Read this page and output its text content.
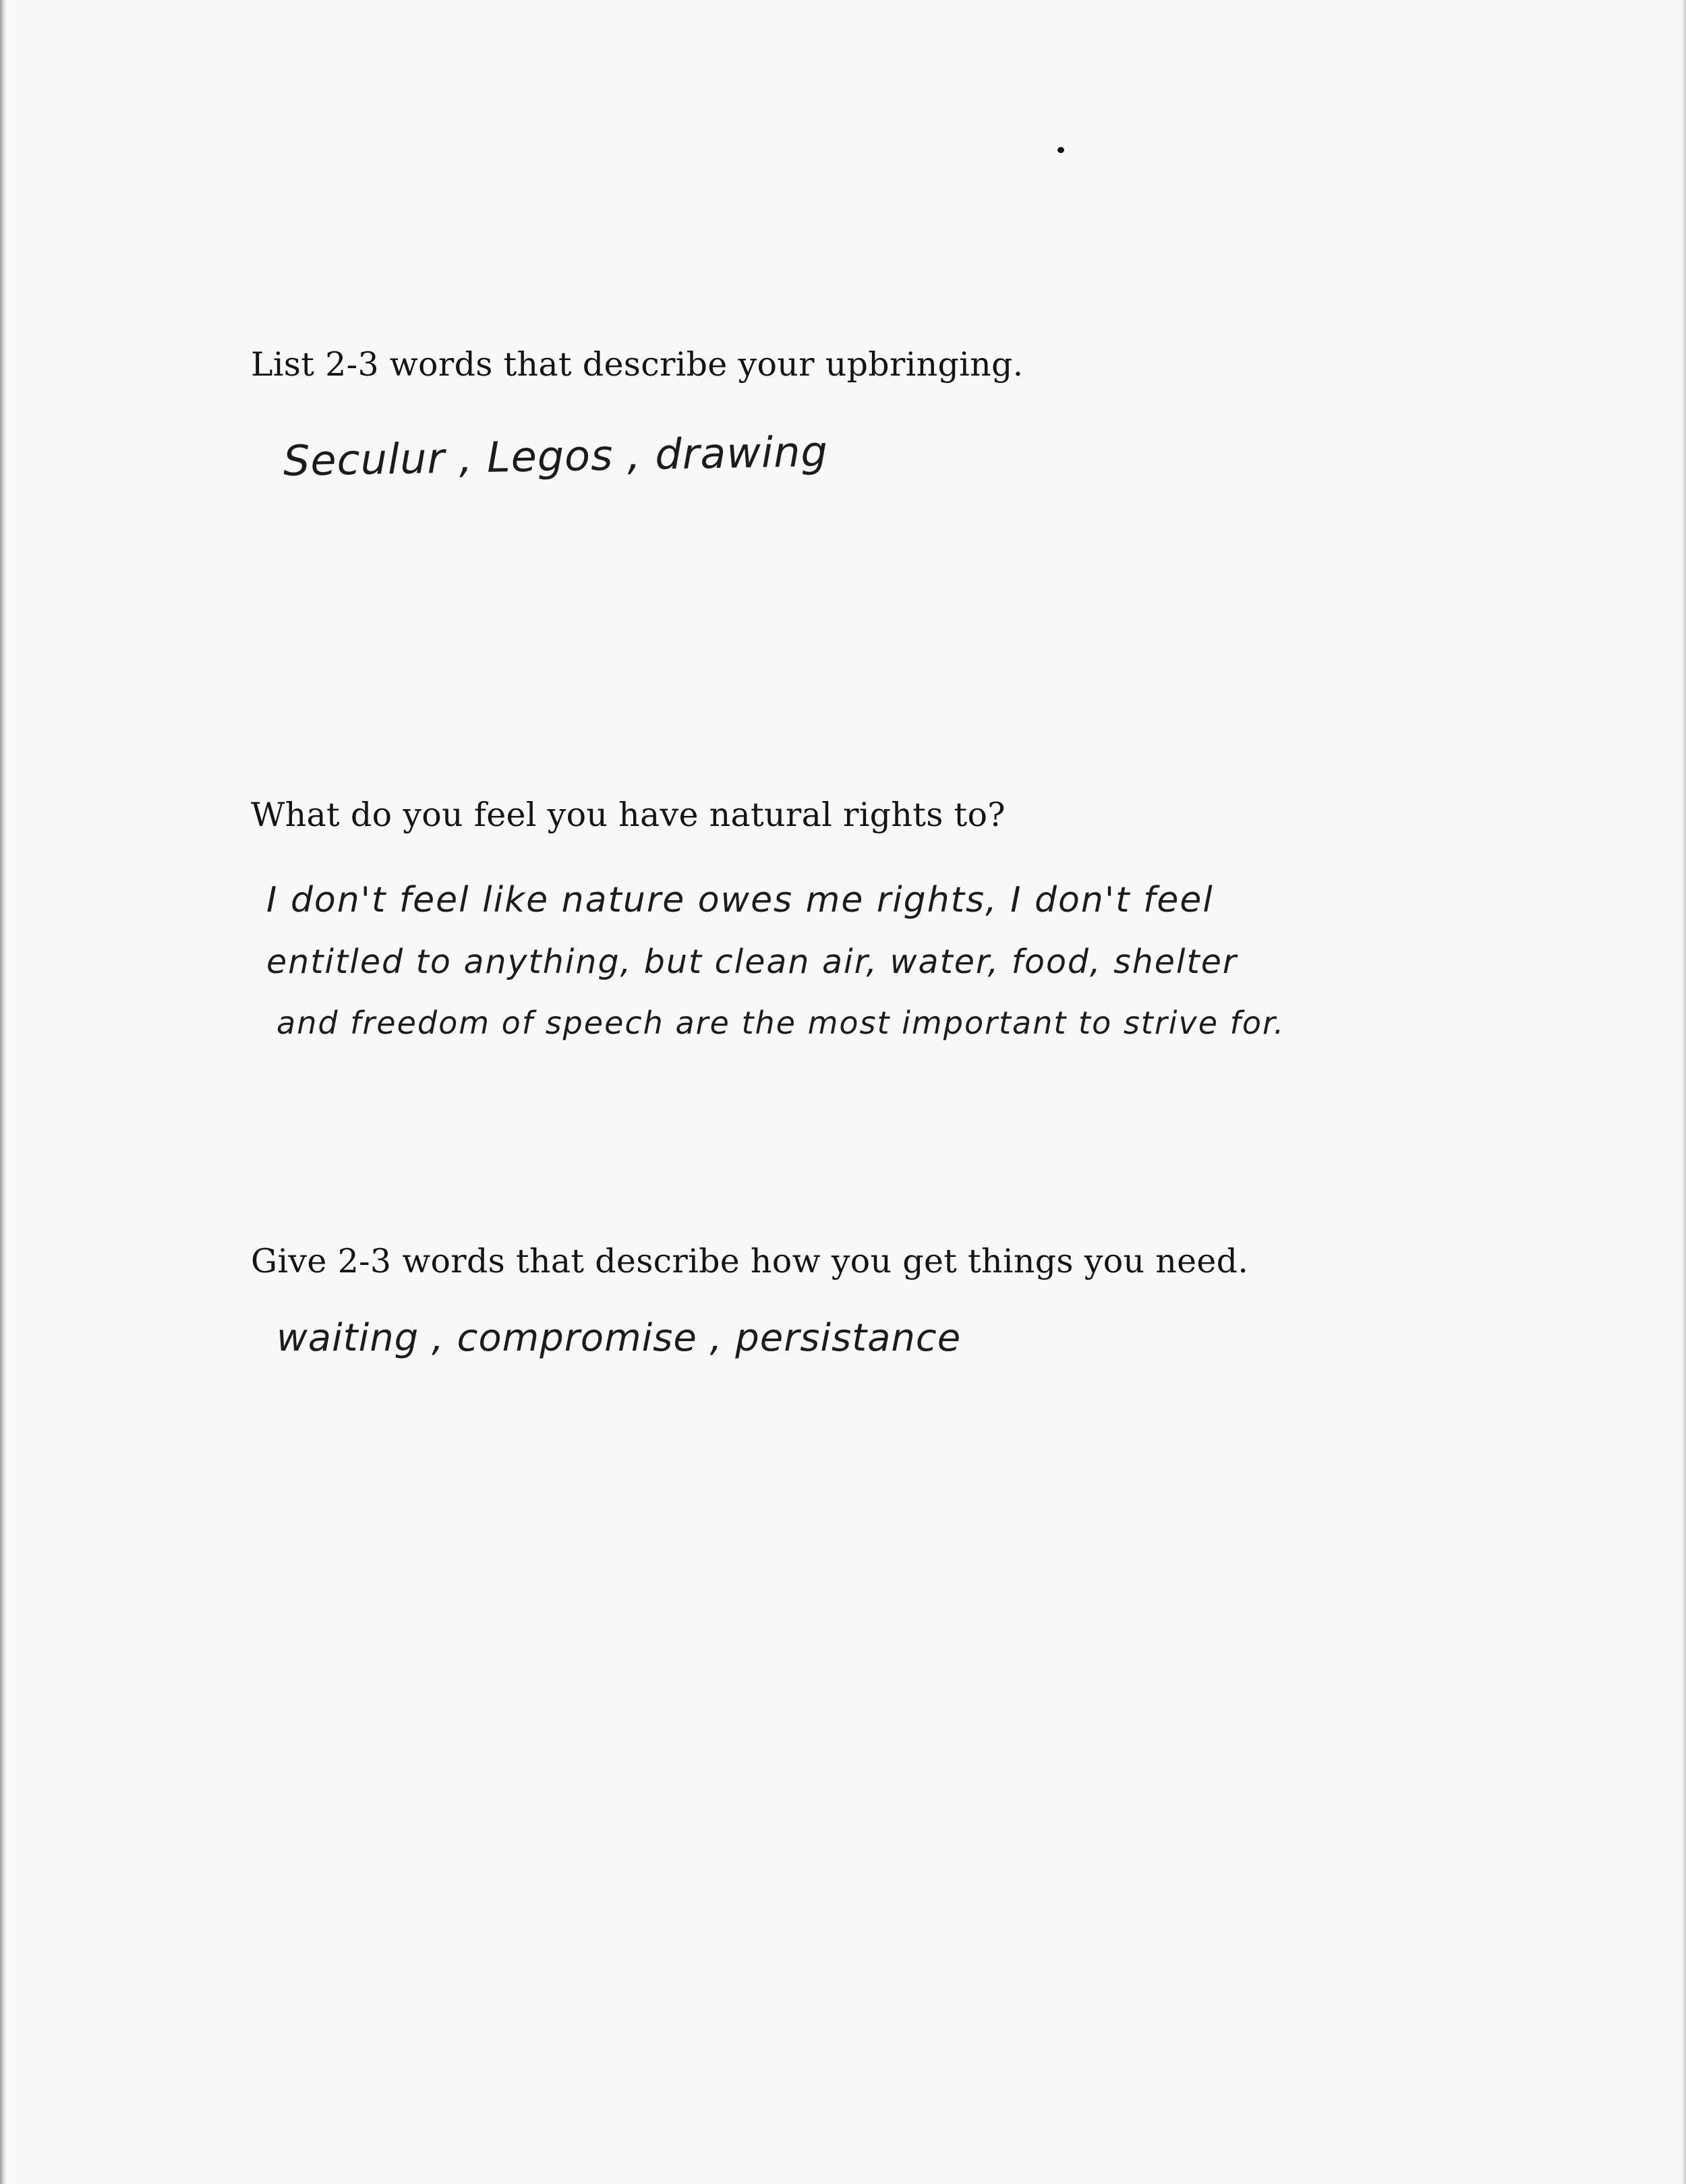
List 2-3 words that describe your upbringing.

Seculur , Legos , drawing

What do you feel you have natural rights to?

I don't feel like nature owes me rights, I don't feel

entitled to anything, but clean air, water, food, shelter

and freedom of speech are the most important to strive for.

Give 2-3 words that describe how you get things you need.

waiting , compromise , persistance
